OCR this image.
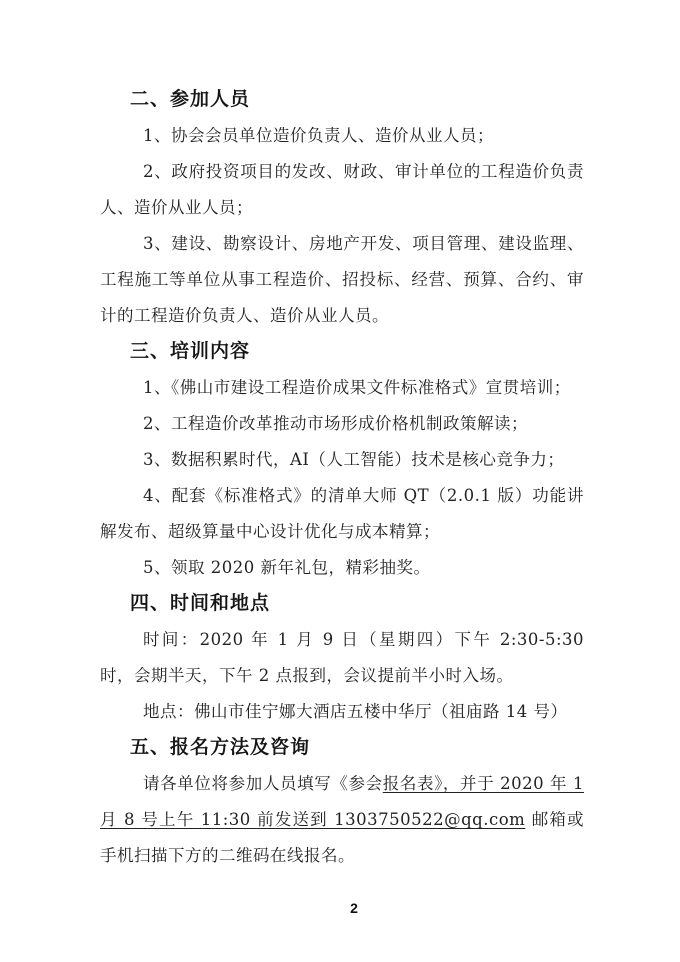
二、参加人员

1、协会会员单位造价负责人、造价从业人员；

2、政府投资项目的发改、财政、审计单位的工程造价负责人、造价从业人员；

3、建设、勘察设计、房地产开发、项目管理、建设监理、工程施工等单位从事工程造价、招投标、经营、预算、合约、审计的工程造价负责人、造价从业人员。

三、培训内容

1、《佛山市建设工程造价成果文件标准格式》宣贯培训；

2、工程造价改革推动市场形成价格机制政策解读；

3、数据积累时代，AI（人工智能）技术是核心竞争力；

4、配套《标准格式》的清单大师 QT（2.0.1 版）功能讲解发布、超级算量中心设计优化与成本精算；

5、领取 2020 新年礼包，精彩抽奖。

四、时间和地点

时间：2020 年 1 月 9 日（星期四）下午 2:30-5:30 时，会期半天，下午 2 点报到，会议提前半小时入场。

地点：佛山市佳宁娜大酒店五楼中华厅（祖庙路 14 号）

五、报名方法及咨询

请各单位将参加人员填写《参会报名表》，并于 2020 年 1 月 8 号上午 11:30 前发送到 1303750522@qq.com 邮箱或手机扫描下方的二维码在线报名。

2
